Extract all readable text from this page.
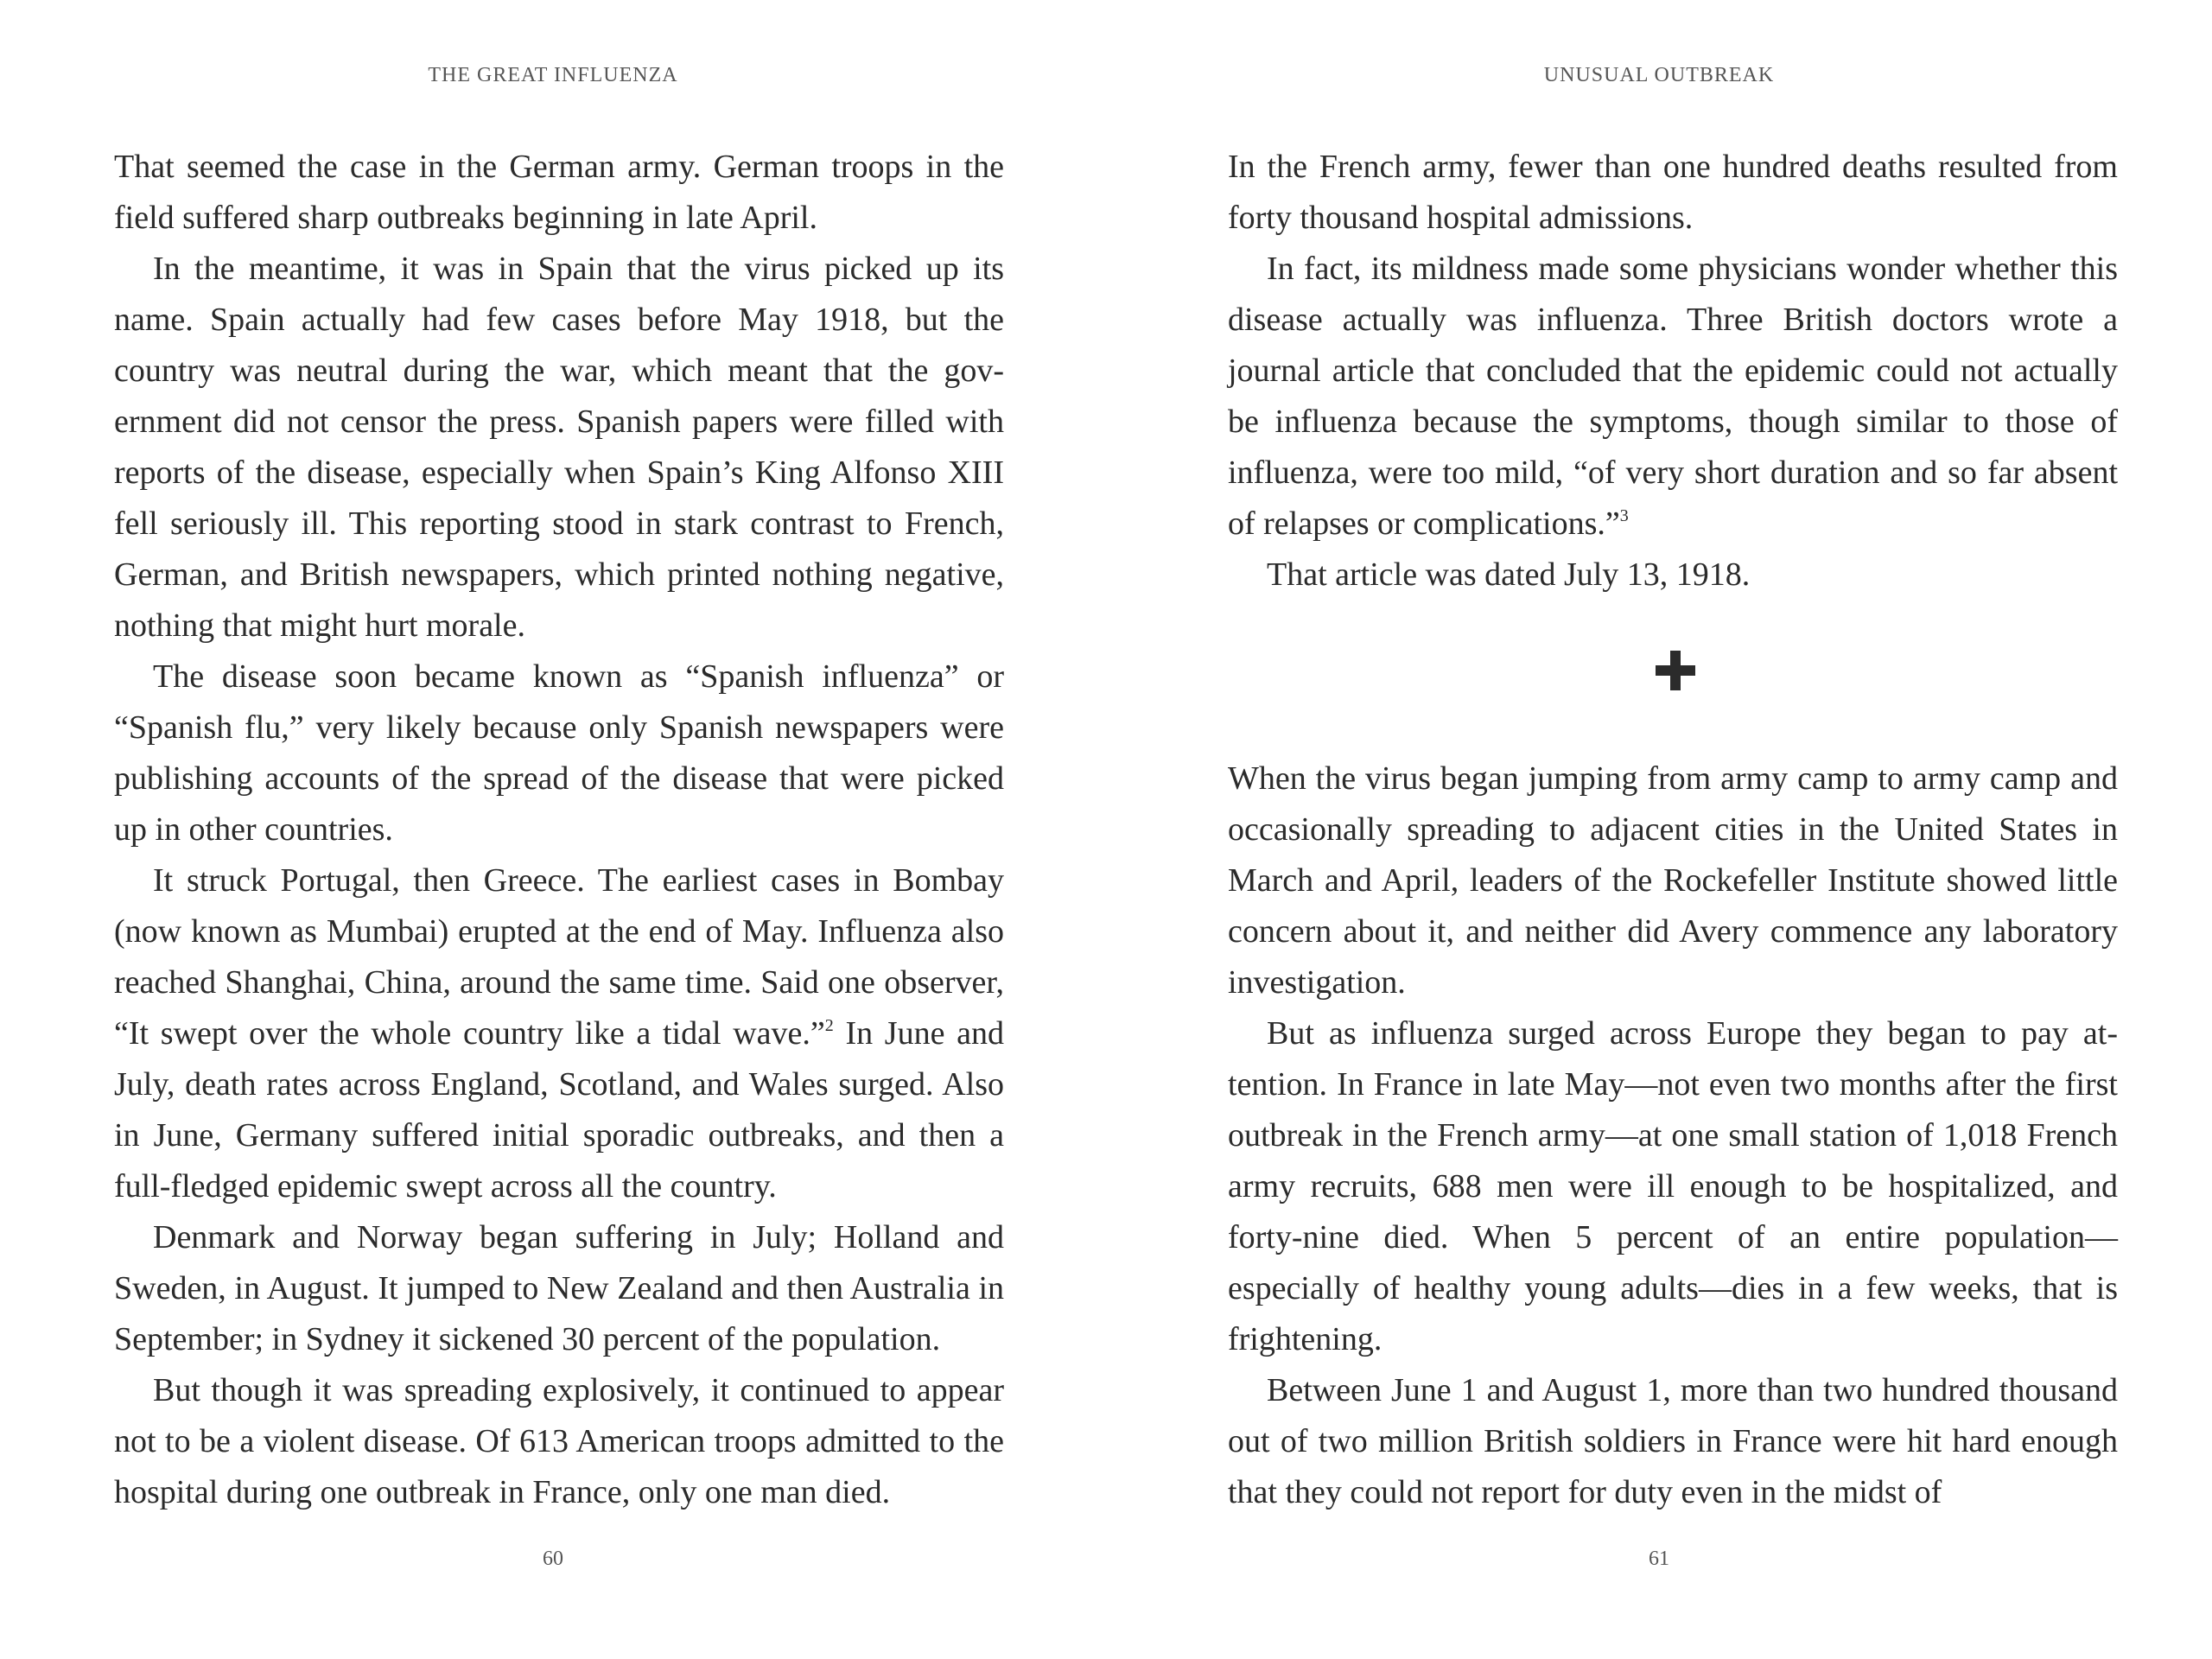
THE GREAT INFLUENZA

That seemed the case in the German army. German troops in the field suffered sharp outbreaks beginning in late April.

In the meantime, it was in Spain that the virus picked up its name. Spain actually had few cases before May 1918, but the country was neutral during the war, which meant that the government did not censor the press. Spanish papers were filled with reports of the disease, especially when Spain’s King Alfonso XIII fell seriously ill. This reporting stood in stark contrast to French, German, and British newspapers, which printed nothing negative, nothing that might hurt morale.

The disease soon became known as “Spanish influenza” or “Spanish flu,” very likely because only Spanish newspapers were publishing accounts of the spread of the disease that were picked up in other countries.

It struck Portugal, then Greece. The earliest cases in Bombay (now known as Mumbai) erupted at the end of May. Influenza also reached Shanghai, China, around the same time. Said one observer, “It swept over the whole country like a tidal wave.”$^2$ In June and July, death rates across England, Scotland, and Wales surged. Also in June, Germany suffered initial sporadic outbreaks, and then a full-fledged epidemic swept across all the country.

Denmark and Norway began suffering in July; Holland and Sweden, in August. It jumped to New Zealand and then Australia in September; in Sydney it sickened 30 percent of the population.

But though it was spreading explosively, it continued to appear not to be a violent disease. Of 613 American troops admitted to the hospital during one outbreak in France, only one man died.

60
UNUSUAL OUTBREAK

In the French army, fewer than one hundred deaths resulted from forty thousand hospital admissions.

In fact, its mildness made some physicians wonder whether this disease actually was influenza. Three British doctors wrote a journal article that concluded that the epidemic could not actually be influenza because the symptoms, though similar to those of influenza, were too mild, “of very short duration and so far absent of relapses or complications.”$^3$

That article was dated July 13, 1918.

When the virus began jumping from army camp to army camp and occasionally spreading to adjacent cities in the United States in March and April, leaders of the Rockefeller Institute showed little concern about it, and neither did Avery commence any laboratory investigation.

But as influenza surged across Europe they began to pay attention. In France in late May—not even two months after the first outbreak in the French army—at one small station of 1,018 French army recruits, 688 men were ill enough to be hospitalized, and forty-nine died. When 5 percent of an entire population—especially of healthy young adults—dies in a few weeks, that is frightening.

Between June 1 and August 1, more than two hundred thousand out of two million British soldiers in France were hit hard enough that they could not report for duty even in the midst of

61
